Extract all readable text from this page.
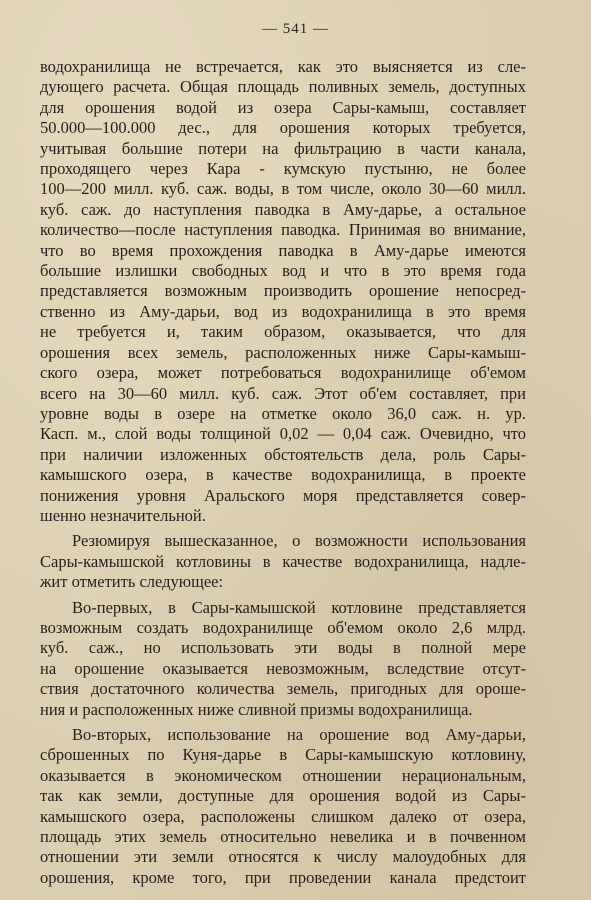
— 541 —

водохранилища не встречается, как это выясняется из сле-
дующего расчета. Общая площадь поливных земель, доступных
для орошения водой из озера Сары-камыш, составляет
50.000—100.000 дес., для орошения которых требуется,
учитывая большие потери на фильтрацию в части канала,
проходящего через Кара - кумскую пустыню, не более
100—200 милл. куб. саж. воды, в том числе, около 30—60 милл.
куб. саж. до наступления паводка в Аму-дарье, а остальное
количество—после наступления паводка. Принимая во внимание,
что во время прохождения паводка в Аму-дарье имеются
большие излишки свободных вод и что в это время года
представляется возможным производить орошение непосред-
ственно из Аму-дарьи, вод из водохранилища в это время
не требуется и, таким образом, оказывается, что для
орошения всех земель, расположенных ниже Сары-камыш-
ского озера, может потребоваться водохранилище об'емом
всего на 30—60 милл. куб. саж. Этот об'ем составляет, при
уровне воды в озере на отметке около 36,0 саж. н. ур.
Касп. м., слой воды толщиной 0,02 — 0,04 саж. Очевидно, что
при наличии изложенных обстоятельств дела, роль Сары-
камышского озера, в качестве водохранилища, в проекте
понижения уровня Аральского моря представляется совер-
шенно незначительной.

Резюмируя вышесказанное, о возможности использования
Сары-камышской котловины в качестве водохранилища, надле-
жит отметить следующее:

Во-первых, в Сары-камышской котловине представляется
возможным создать водохранилище об'емом около 2,6 млрд.
куб. саж., но использовать эти воды в полной мере
на орошение оказывается невозможным, вследствие отсут-
ствия достаточного количества земель, пригодных для ороше-
ния и расположенных ниже сливной призмы водохранилища.

Во-вторых, использование на орошение вод Аму-дарьи,
сброшенных по Куня-дарье в Сары-камышскую котловину,
оказывается в экономическом отношении нерациональным,
так как земли, доступные для орошения водой из Сары-
камышского озера, расположены слишком далеко от озера,
площадь этих земель относительно невелика и в почвенном
отношении эти земли относятся к числу малоудобных для
орошения, кроме того, при проведении канала предстоит
